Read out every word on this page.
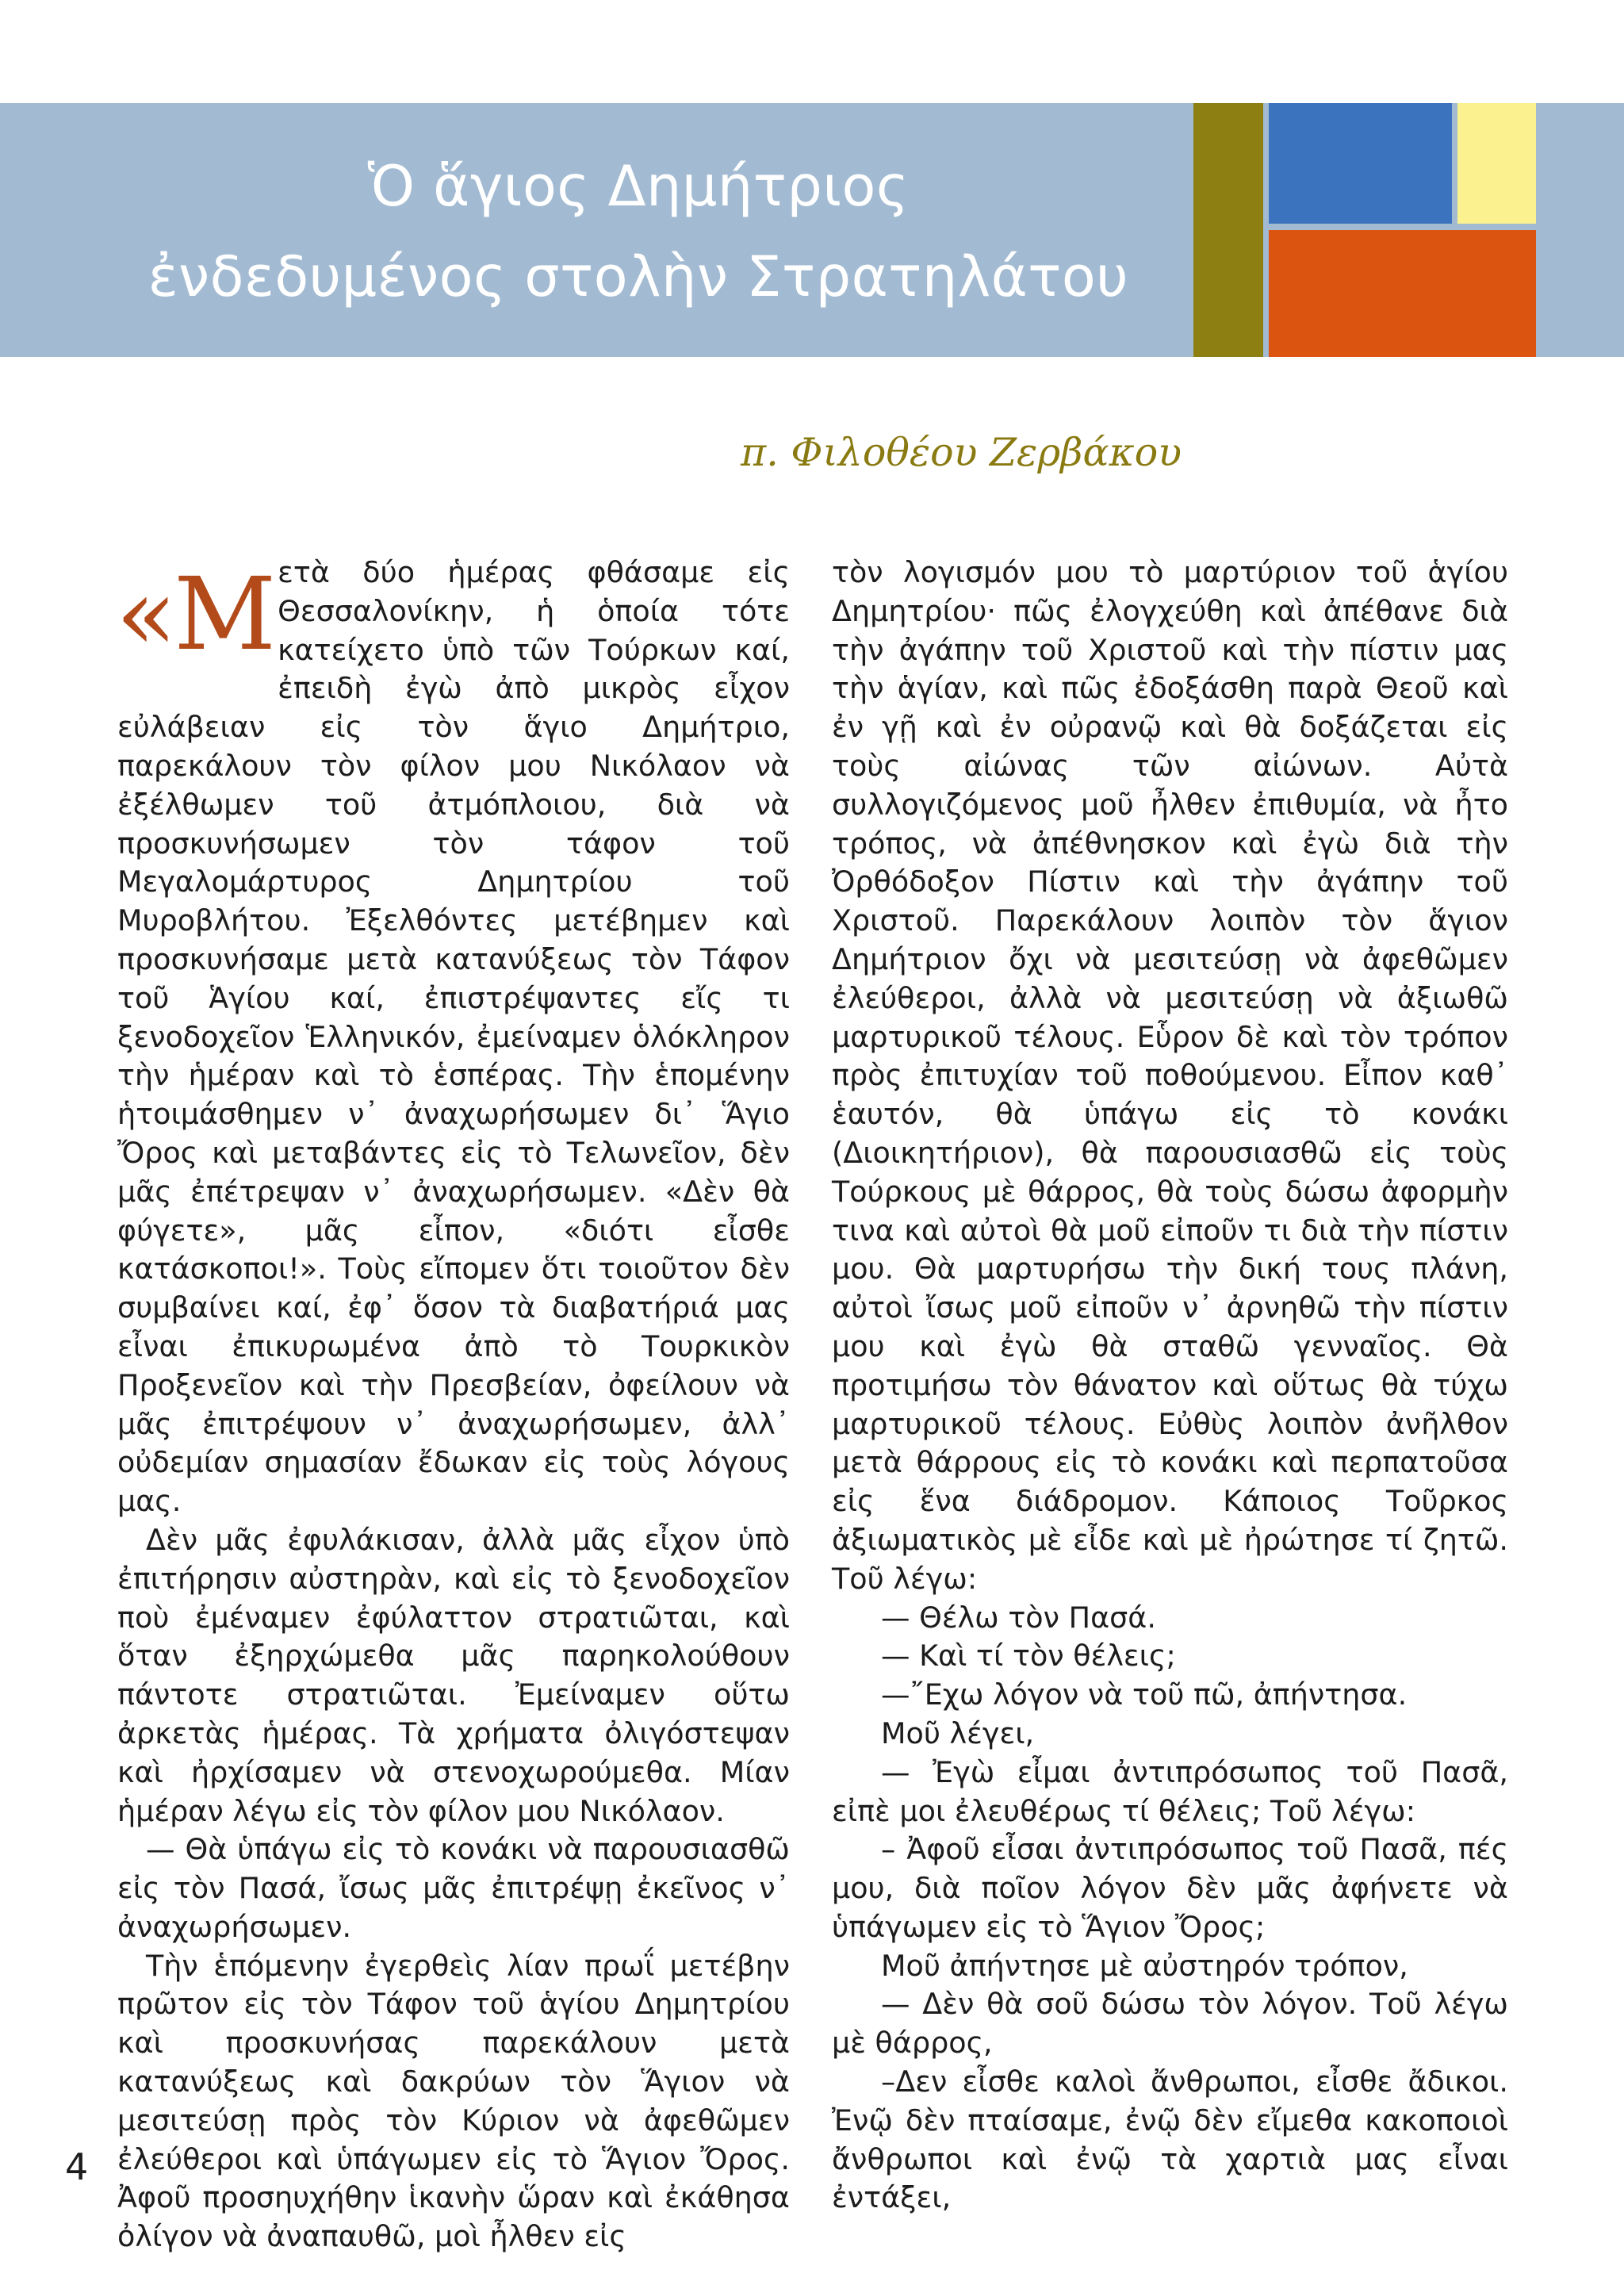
Ὁ ἅγιος Δημήτριος
ἐνδεδυμένος στολὴν Στρατηλάτου

π. Φιλοθέου Ζερβάκου

«Μετὰ δύο ἡμέρας φθάσαμε εἰς Θεσσαλονίκην, ἡ ὁποία τότε κατείχετο ὑπὸ τῶν Τούρκων καί, ἐπειδὴ ἐγὼ ἀπὸ μικρὸς εἶχον εὐλάβειαν εἰς τὸν ἅγιο Δημήτριο, παρεκάλουν τὸν φίλον μου Νικόλαον νὰ ἐξέλθωμεν τοῦ ἀτμόπλοιου, διὰ νὰ προσκυνήσωμεν τὸν τάφον τοῦ Μεγαλομάρτυρος Δημητρίου τοῦ Μυροβλήτου. Ἐξελθόντες μετέβημεν καὶ προσκυνήσαμε μετὰ κατανύξεως τὸν Τάφον τοῦ Ἁγίου καί, ἐπιστρέψαντες εἴς τι ξενοδοχεῖον Ἑλληνικόν, ἐμείναμεν ὁλόκληρον τὴν ἡμέραν καὶ τὸ ἑσπέρας. Τὴν ἑπομένην ἡτοιμάσθημεν ν᾽ ἀναχωρήσωμεν δι᾽ Ἅγιο Ὄρος καὶ μεταβάντες εἰς τὸ Τελωνεῖον, δὲν μᾶς ἐπέτρεψαν ν᾽ ἀναχωρήσωμεν. «Δὲν θὰ φύγετε», μᾶς εἶπον, «διότι εἶσθε κατάσκοποι!». Τοὺς εἴπομεν ὅτι τοιοῦτον δὲν συμβαίνει καί, ἐφ᾽ ὅσον τὰ διαβατήριά μας εἶναι ἐπικυρωμένα ἀπὸ τὸ Τουρκικὸν Προξενεῖον καὶ τὴν Πρεσβείαν, ὀφείλουν νὰ μᾶς ἐπιτρέψουν ν᾽ ἀναχωρήσωμεν, ἀλλ᾽ οὐδεμίαν σημασίαν ἔδωκαν εἰς τοὺς λόγους μας.

Δὲν μᾶς ἐφυλάκισαν, ἀλλὰ μᾶς εἶχον ὑπὸ ἐπιτήρησιν αὐστηρὰν, καὶ εἰς τὸ ξενοδοχεῖον ποὺ ἐμέναμεν ἐφύλαττον στρατιῶται, καὶ ὅταν ἐξηρχώμεθα μᾶς παρηκολούθουν πάντοτε στρατιῶται. Ἐμείναμεν οὕτω ἀρκετὰς ἡμέρας. Τὰ χρήματα ὀλιγόστεψαν καὶ ἠρχίσαμεν νὰ στενοχωρούμεθα. Μίαν ἡμέραν λέγω εἰς τὸν φίλον μου Νικόλαον.

— Θὰ ὑπάγω εἰς τὸ κονάκι νὰ παρουσιασθῶ εἰς τὸν Πασά, ἴσως μᾶς ἐπιτρέψῃ ἐκεῖνος ν᾽ ἀναχωρήσωμεν.

Τὴν ἑπόμενην ἐγερθεὶς λίαν πρωΐ μετέβην πρῶτον εἰς τὸν Τάφον τοῦ ἁγίου Δημητρίου καὶ προσκυνήσας παρεκάλουν μετὰ κατανύξεως καὶ δακρύων τὸν Ἅγιον νὰ μεσιτεύσῃ πρὸς τὸν Κύριον νὰ ἀφεθῶμεν ἐλεύθεροι καὶ ὑπάγωμεν εἰς τὸ Ἅγιον Ὄρος. Ἀφοῦ προσηυχήθην ἱκανὴν ὥραν καὶ ἐκάθησα ὀλίγον νὰ ἀναπαυθῶ, μοὶ ἦλθεν εἰς

τὸν λογισμόν μου τὸ μαρτύριον τοῦ ἁγίου Δημητρίου· πῶς ἐλογχεύθη καὶ ἀπέθανε διὰ τὴν ἀγάπην τοῦ Χριστοῦ καὶ τὴν πίστιν μας τὴν ἁγίαν, καὶ πῶς ἐδοξάσθη παρὰ Θεοῦ καὶ ἐν γῇ καὶ ἐν οὐρανῷ καὶ θὰ δοξάζεται εἰς τοὺς αἰώνας τῶν αἰώνων. Αὐτὰ συλλογιζόμενος μοῦ ἦλθεν ἐπιθυμία, νὰ ἦτο τρόπος, νὰ ἀπέθνησκον καὶ ἐγὼ διὰ τὴν Ὀρθόδοξον Πίστιν καὶ τὴν ἀγάπην τοῦ Χριστοῦ. Παρεκάλουν λοιπὸν τὸν ἅγιον Δημήτριον ὄχι νὰ μεσιτεύσῃ νὰ ἀφεθῶμεν ἐλεύθεροι, ἀλλὰ νὰ μεσιτεύσῃ νὰ ἀξιωθῶ μαρτυρικοῦ τέλους. Εὗρον δὲ καὶ τὸν τρόπον πρὸς ἐπιτυχίαν τοῦ ποθούμενου. Εἶπον καθ᾽ ἑαυτόν, θὰ ὑπάγω εἰς τὸ κονάκι (Διοικητήριον), θὰ παρουσιασθῶ εἰς τοὺς Τούρκους μὲ θάρρος, θὰ τοὺς δώσω ἀφορμὴν τινα καὶ αὐτοὶ θὰ μοῦ εἰποῦν τι διὰ τὴν πίστιν μου. Θὰ μαρτυρήσω τὴν δική τους πλάνη, αὐτοὶ ἴσως μοῦ εἰποῦν ν᾽ ἀρνηθῶ τὴν πίστιν μου καὶ ἐγὼ θὰ σταθῶ γενναῖος. Θὰ προτιμήσω τὸν θάνατον καὶ οὕτως θὰ τύχω μαρτυρικοῦ τέλους. Εὐθὺς λοιπὸν ἀνῆλθον μετὰ θάρρους εἰς τὸ κονάκι καὶ περπατοῦσα εἰς ἕνα διάδρομον. Κάποιος Τοῦρκος ἀξιωματικὸς μὲ εἶδε καὶ μὲ ἠρώτησε τί ζητῶ. Τοῦ λέγω:

— Θέλω τὸν Πασά.

— Καὶ τί τὸν θέλεις;

—῎Εχω λόγον νὰ τοῦ πῶ, ἀπήντησα.

Μοῦ λέγει,

— Ἐγὼ εἶμαι ἀντιπρόσωπος τοῦ Πασᾶ, εἰπὲ μοι ἐλευθέρως τί θέλεις; Τοῦ λέγω:

– Ἀφοῦ εἶσαι ἀντιπρόσωπος τοῦ Πασᾶ, πές μου, διὰ ποῖον λόγον δὲν μᾶς ἀφήνετε νὰ ὑπάγωμεν εἰς τὸ Ἅγιον Ὄρος;

Μοῦ ἀπήντησε μὲ αὐστηρόν τρόπον,

— Δὲν θὰ σοῦ δώσω τὸν λόγον. Τοῦ λέγω μὲ θάρρος,

–Δεν εἶσθε καλοὶ ἄνθρωποι, εἶσθε ἄδικοι. Ἐνῷ δὲν πταίσαμε, ἐνῷ δὲν εἴμεθα κακοποιοὶ ἄνθρωποι καὶ ἐνῷ τὰ χαρτιὰ μας εἶναι ἐντάξει,

4
